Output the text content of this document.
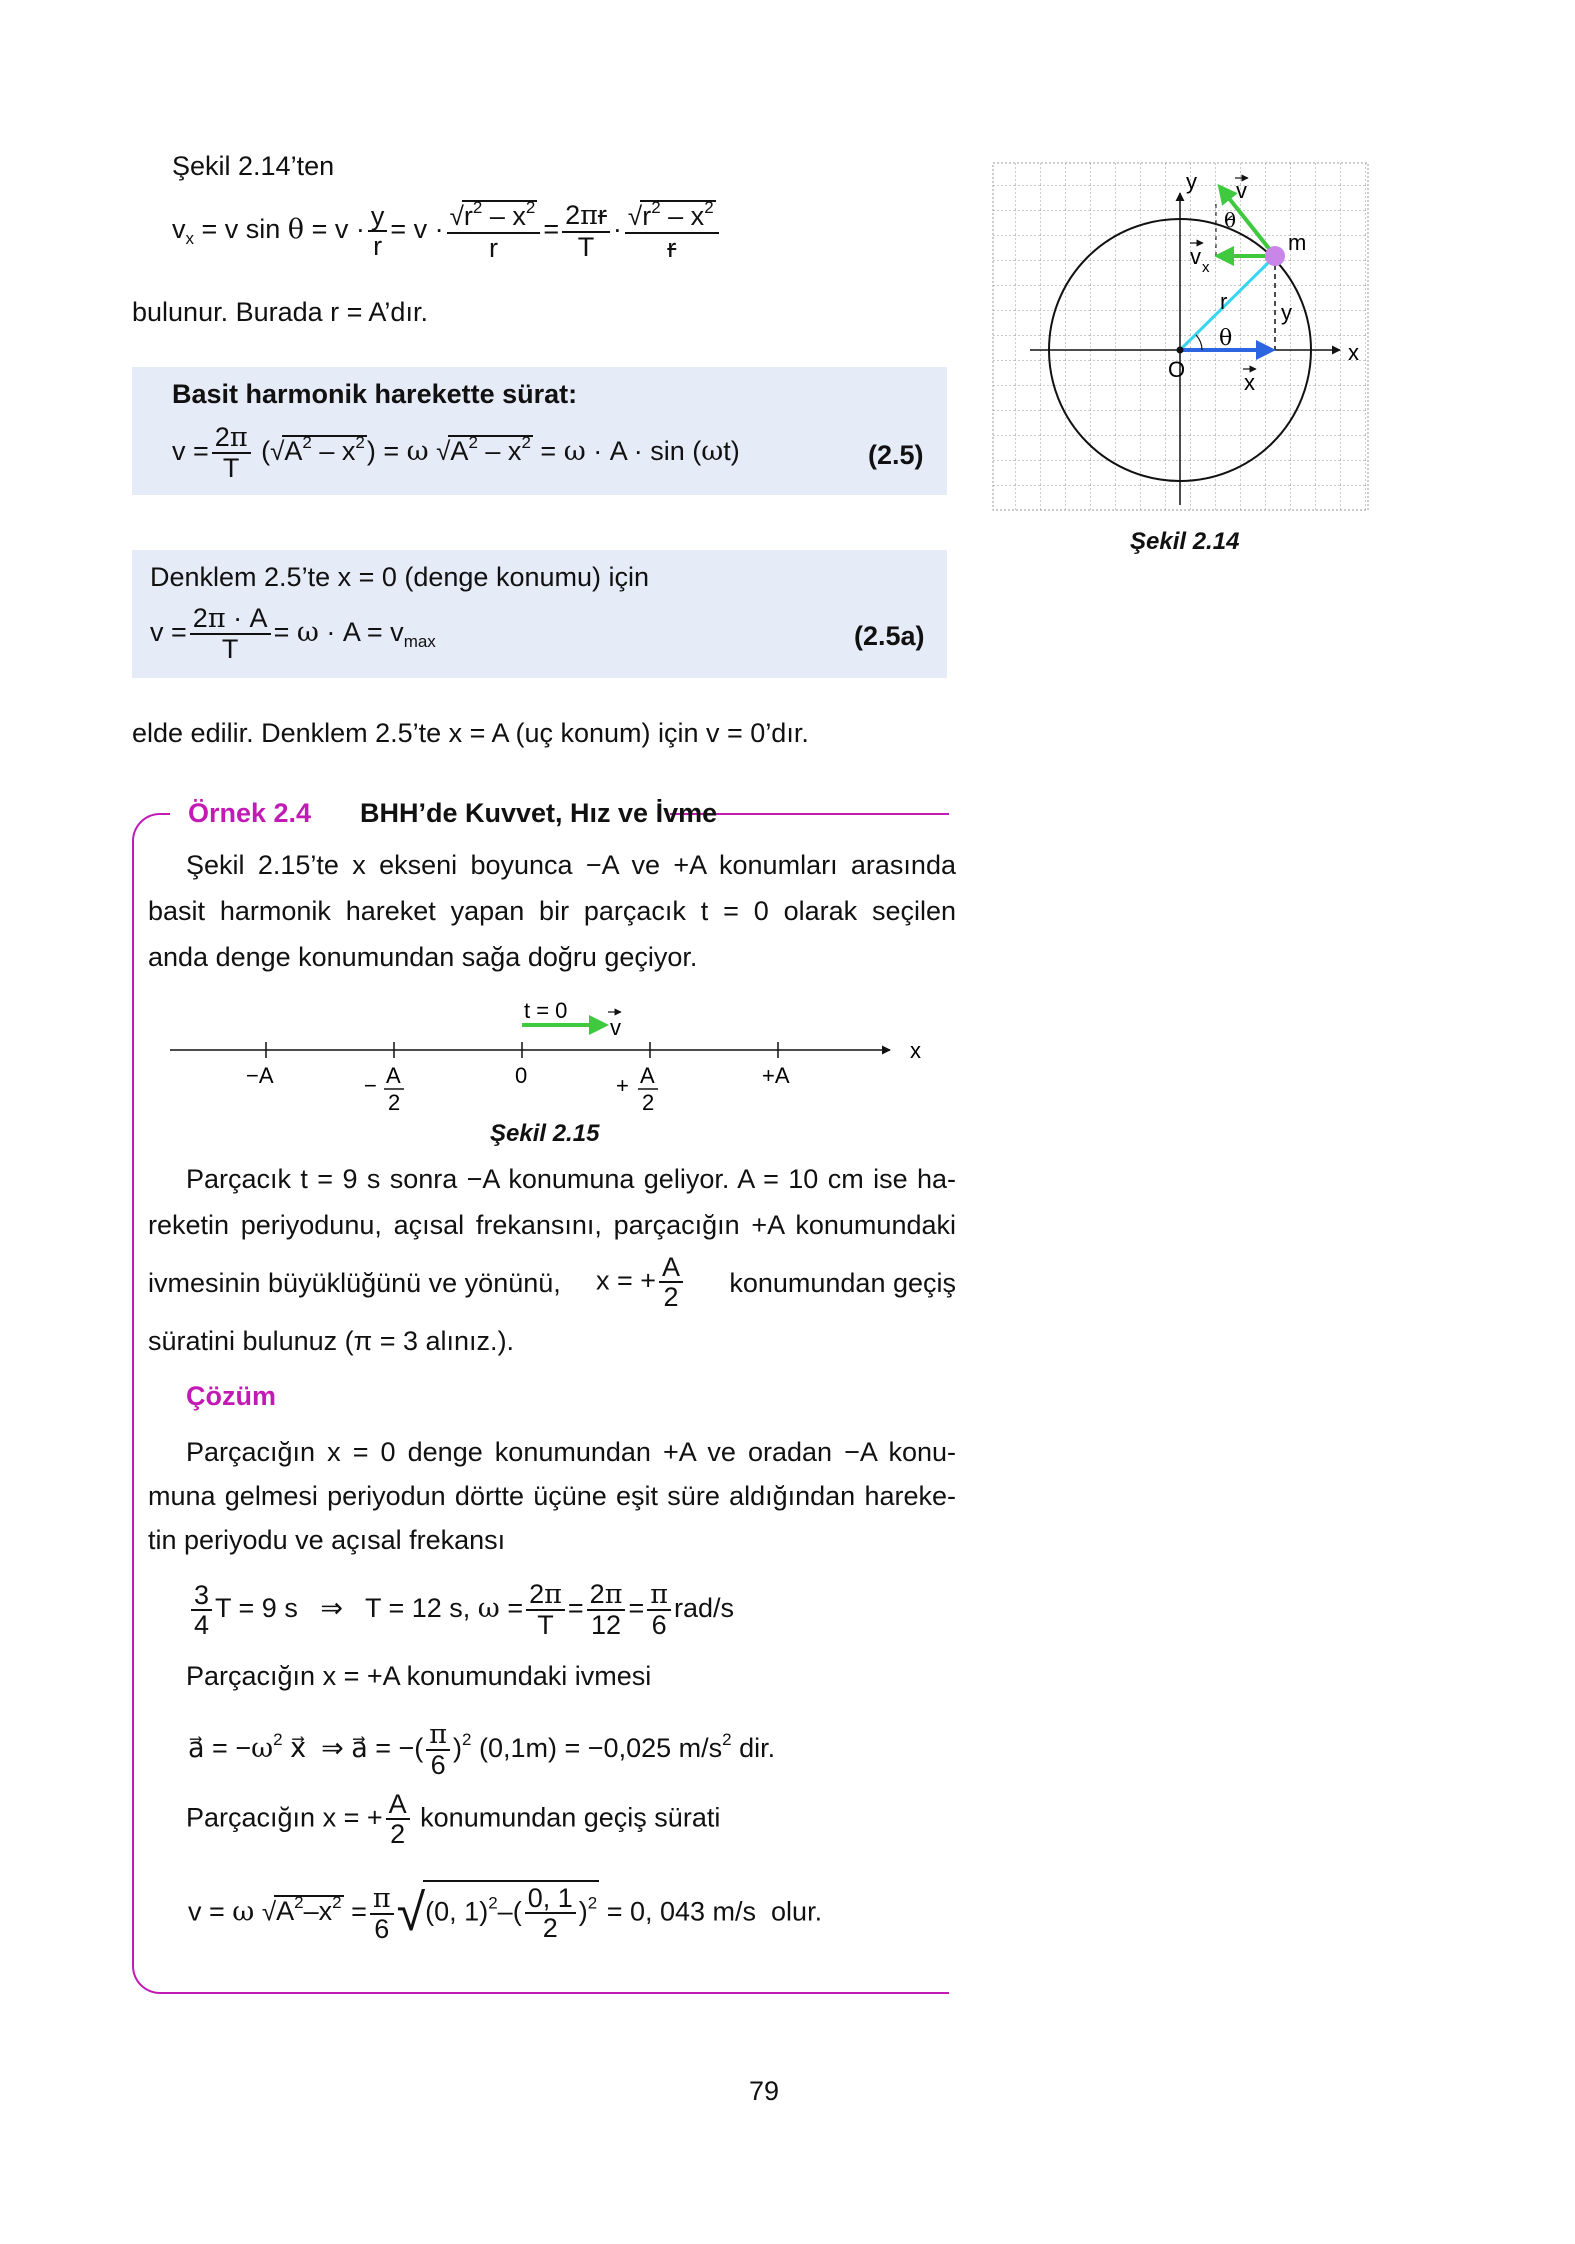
Şekil 2.14’ten
$v_x = v$ $\sin \theta = v \cdot \frac{y}{r} = v \cdot \frac{√r^2 - x^2}{r} = \frac{2\pi r}{T} \cdot \frac{√r^2 - x^2}{r}$
bulunur. Burada r = A’dır.
Basit harmonik harekette sürat:
$v = \frac{2\pi}{T} (√A^2 - x^2) = \omega$ $√A^2 - x^2 = \omega \cdot A \cdot \sin (\omega t)$	(2.5)
Denklem 2.5’te x = 0 (denge konumu) için
$v = \frac{2\pi \cdot A}{T} = \omega \cdot A = v_{max}$	(2.5a)
elde edilir. Denklem 2.5’te x = A (uç konum) için v = 0’dır.
y
x
O
m
r
θ
θ
v
v x
y
x
Şekil 2.14
Örnek 2.4 BHH’de Kuvvet, Hız ve İvme
Şekil 2.15’te x ekseni boyunca −A ve +A konumları arasında
basit harmonik hareket yapan bir parçacık t = 0 olarak seçilen
anda denge konumundan sağa doğru geçiyor.
t = 0
v
x
−A	− A
2
0	+ A
2
+A
Şekil 2.15
Parçacık t = 9 s sonra −A konumuna geliyor. A = 10 cm ise ha-
reketin periyodunu, açısal frekansını, parçacığın +A konumundaki
ivmesinin büyüklüğünü ve yönünü, x = + $\frac{A}{2}$ konumundan geçiş
süratini bulunuz (π = 3 alınız.).
Çözüm
Parçacığın x = 0 denge konumundan +A ve oradan −A konu-
muna gelmesi periyodun dörtte üçüne eşit süre aldığından hareke-
tin periyodu ve açısal frekansı
$\frac{3}{4}$ T = 9 s   ⇒   T = 12 s, $\omega = \frac{2\pi}{T} = \frac{2\pi}{12} = \frac{\pi}{6} rad/s$
Parçacığın x = +A konumundaki ivmesi
a⃗ = $-\omega^2$ x⃗  ⇒ a⃗ = −( $\frac{\pi}{6} )^2$ (0,1m) = −0,025 $m/s^2$ dir.
Parçacığın x = + $\frac{A}{2}$ konumundan geçiş sürati
v = ω $√A^2-x^2 = \frac{\pi}{6} √(0$, $1)^2-( \frac{0, 1}{2} )^2 = 0$, 043 m/s  olur.
79
